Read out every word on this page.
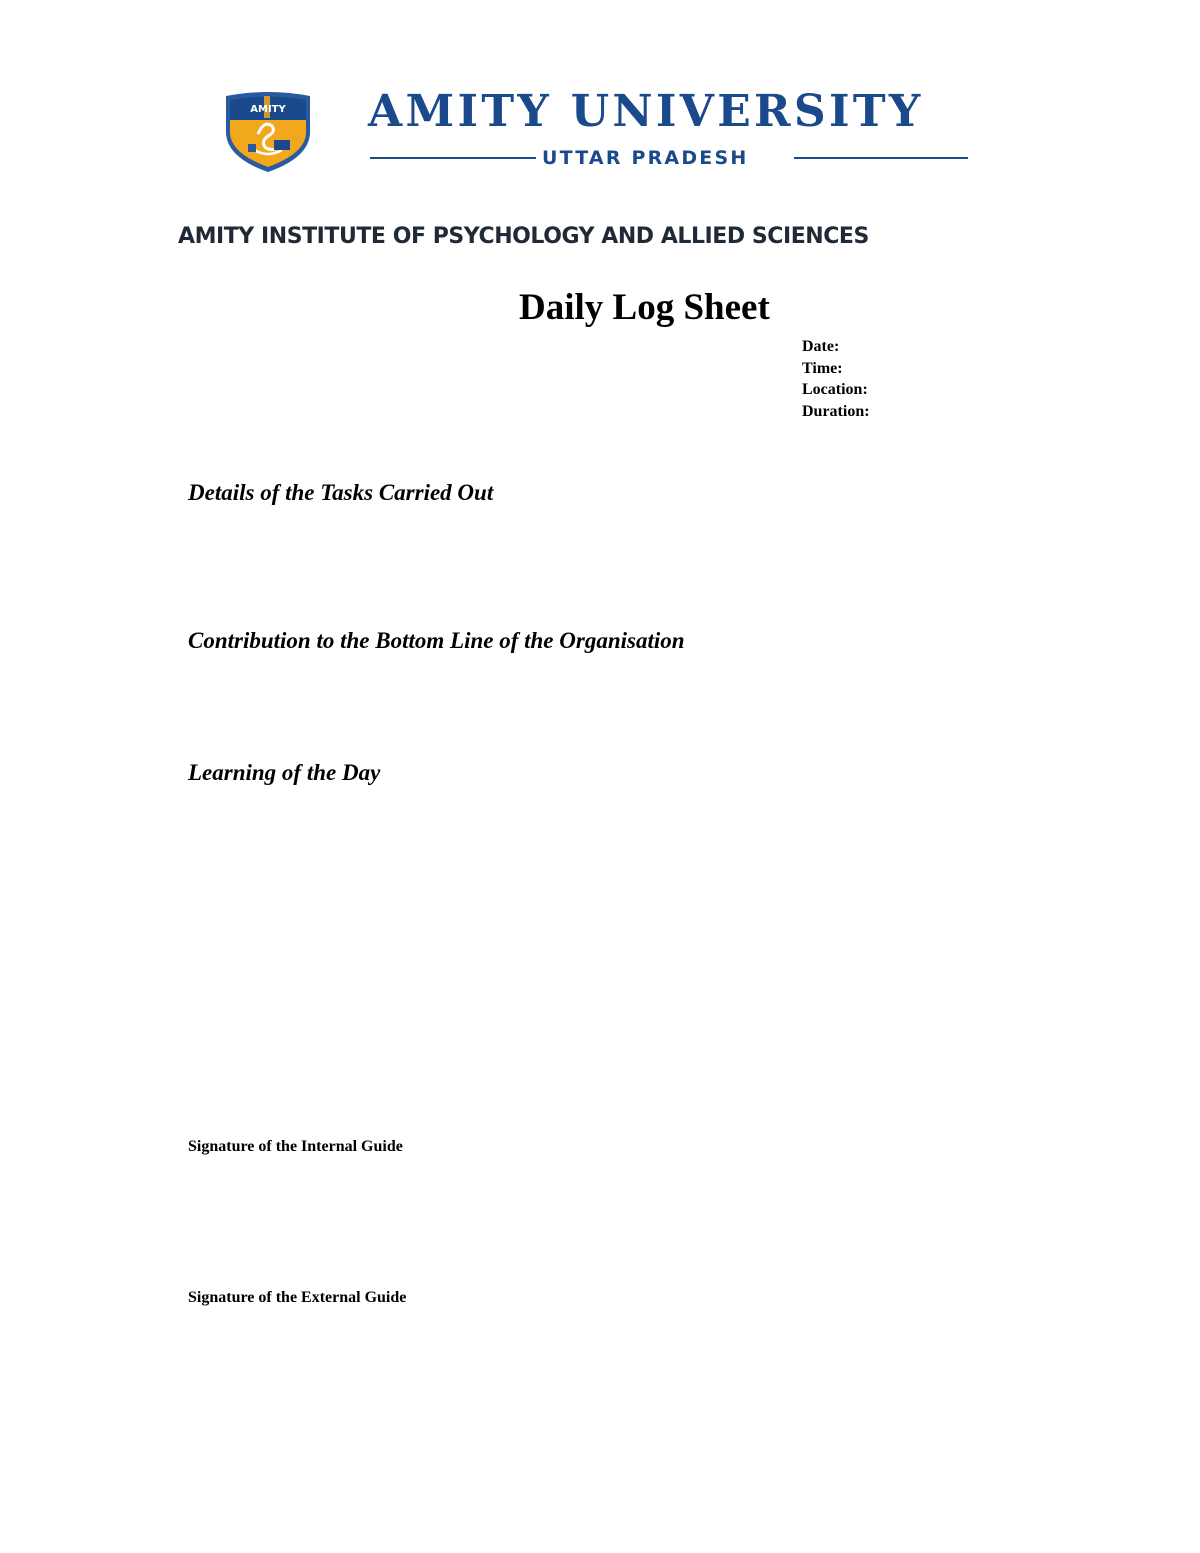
AMITY AMITY UNIVERSITY
UTTAR PRADESH
AMITY INSTITUTE OF PSYCHOLOGY AND ALLIED SCIENCES
Daily Log Sheet
Date:
Time:
Location:
Duration:
Details of the Tasks Carried Out
Contribution to the Bottom Line of the Organisation
Learning of the Day
Signature of the Internal Guide
Signature of the External Guide
